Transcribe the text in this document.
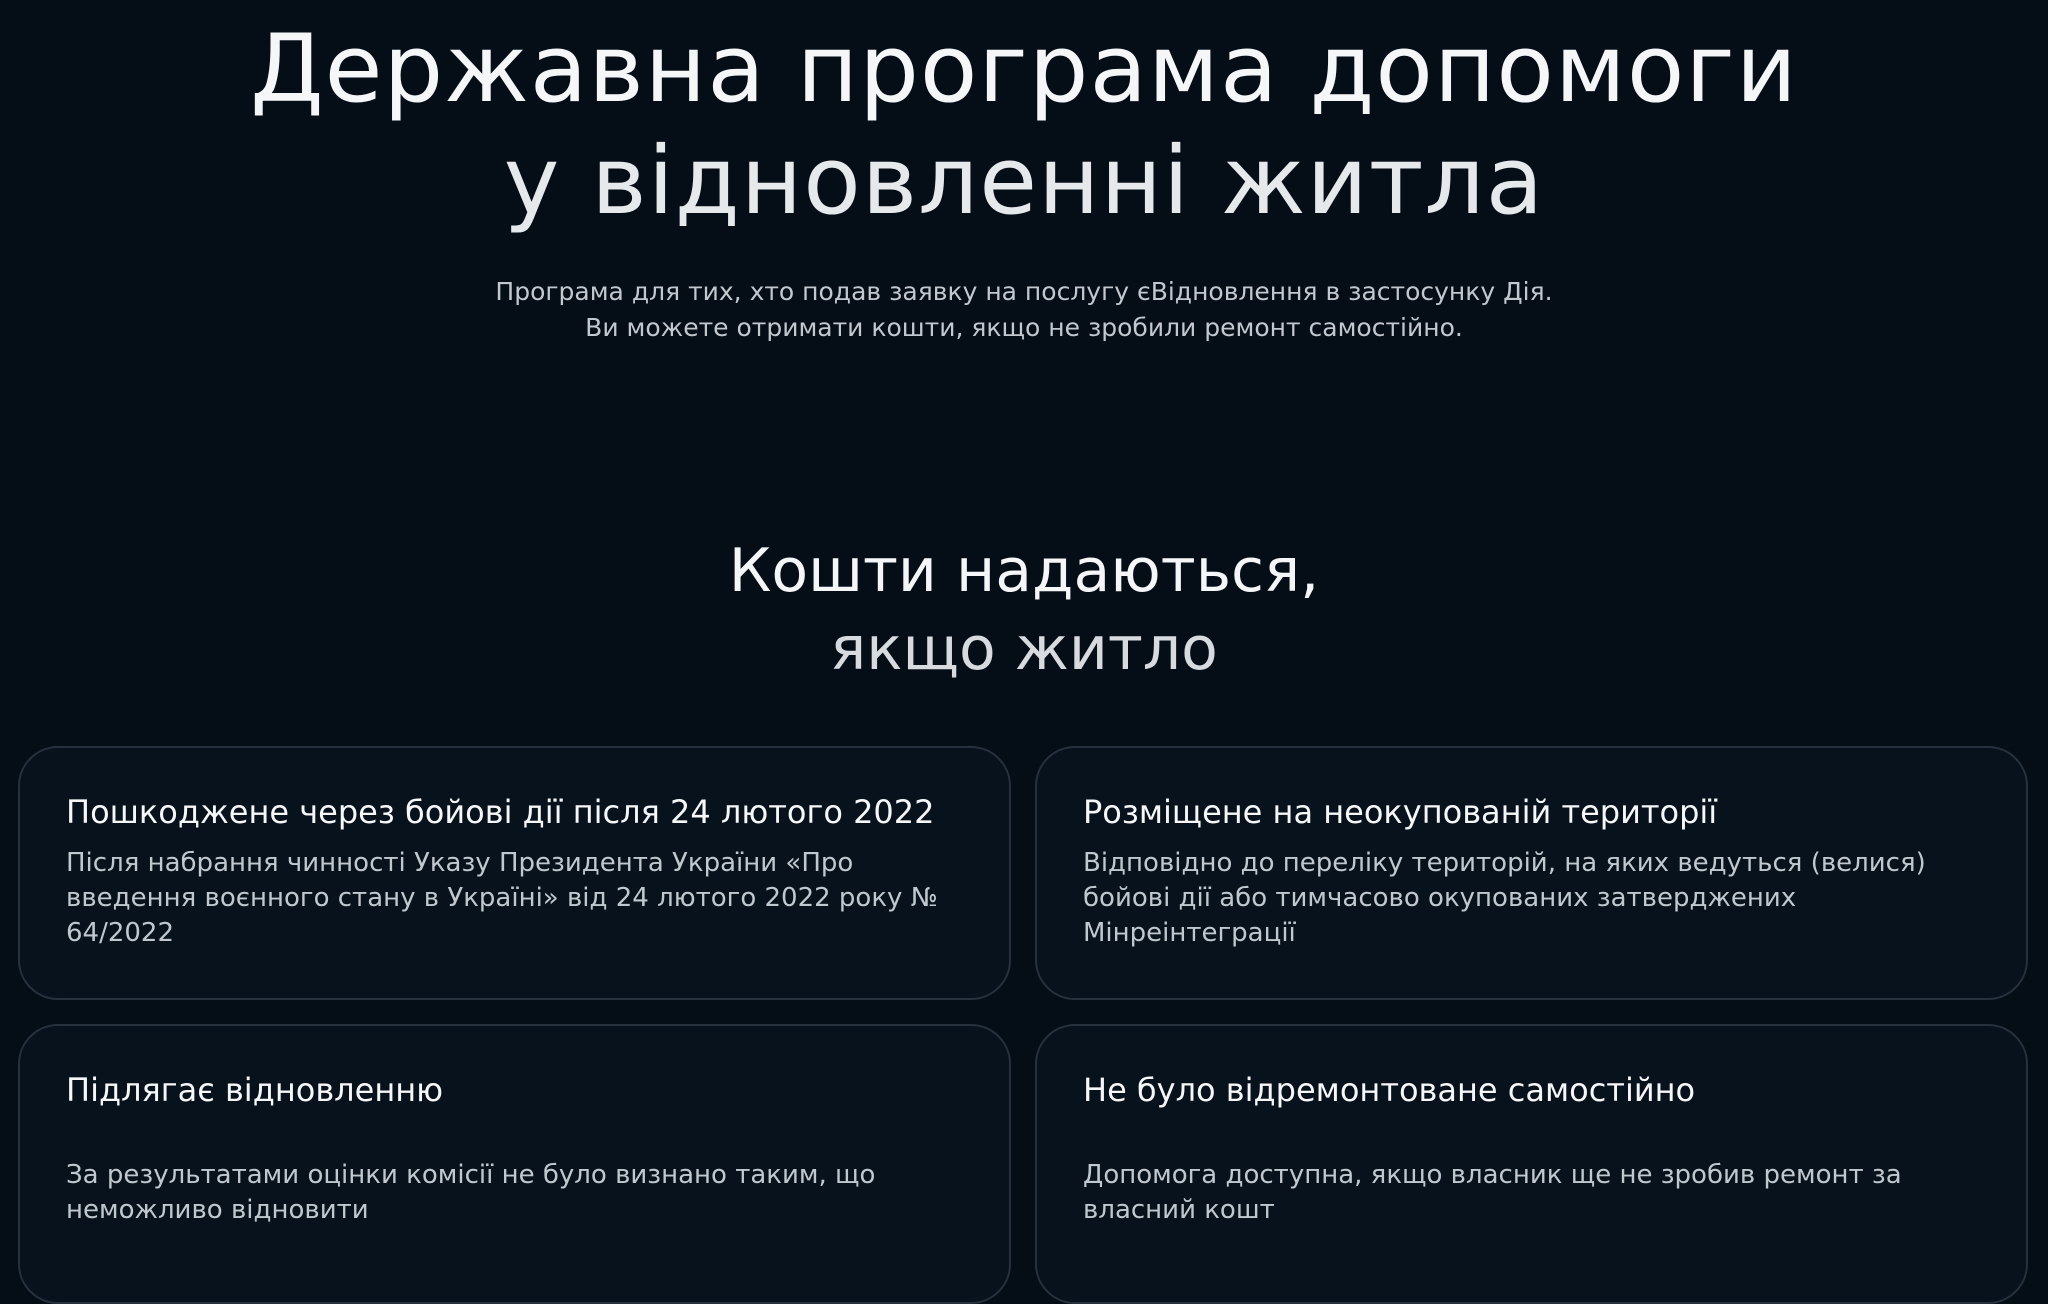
Державна програма допомоги
у відновленні житла
Програма для тих, хто подав заявку на послугу єВідновлення в застосунку Дія.
Ви можете отримати кошти, якщо не зробили ремонт самостійно.
Кошти надаються,
якщо житло
Пошкоджене через бойові дії після 24 лютого 2022

Після набрання чинності Указу Президента України «Про введення воєнного стану в Україні» від 24 лютого 2022 року № 64/2022

Розміщене на неокупованій території

Відповідно до переліку територій, на яких ведуться (велися) бойові дії або тимчасово окупованих затверджених Мінреінтеграції

Підлягає відновленню

За результатами оцінки комісії не було визнано таким, що неможливо відновити

Не було відремонтоване самостійно

Допомога доступна, якщо власник ще не зробив ремонт за власний кошт
